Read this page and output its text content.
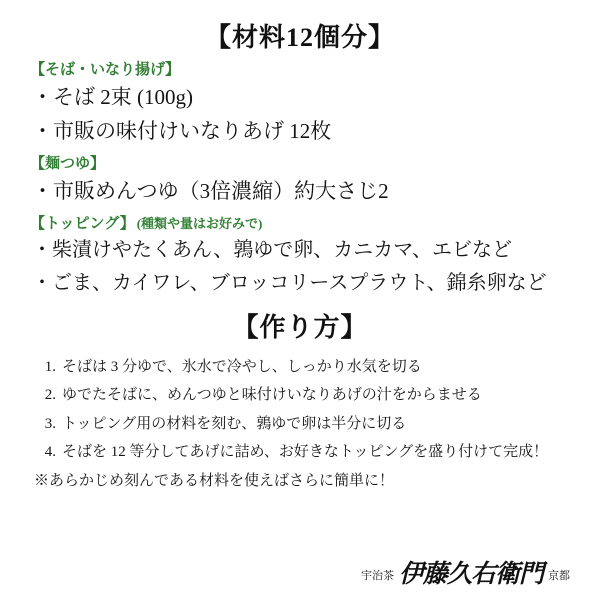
【材料12個分】
【そば・いなり揚げ】
・そば 2束 (100g)
・市販の味付けいなりあげ 12枚
【麺つゆ】
・市販めんつゆ（3倍濃縮）約大さじ2
【トッピング】 (種類や量はお好みで)
・柴漬けやたくあん、鶉ゆで卵、カニカマ、エビなど
・ごま、カイワレ、ブロッコリースプラウト、錦糸卵など
【作り方】
1. そばは 3 分ゆで、氷水で冷やし、しっかり水気を切る
2. ゆでたそばに、めんつゆと味付けいなりあげの汁をからませる
3. トッピング用の材料を刻む、鶉ゆで卵は半分に切る
4. そばを 12 等分してあげに詰め、お好きなトッピングを盛り付けて完成！
※あらかじめ刻んである材料を使えばさらに簡単に！
宇治茶 伊藤久右衛門 京都
